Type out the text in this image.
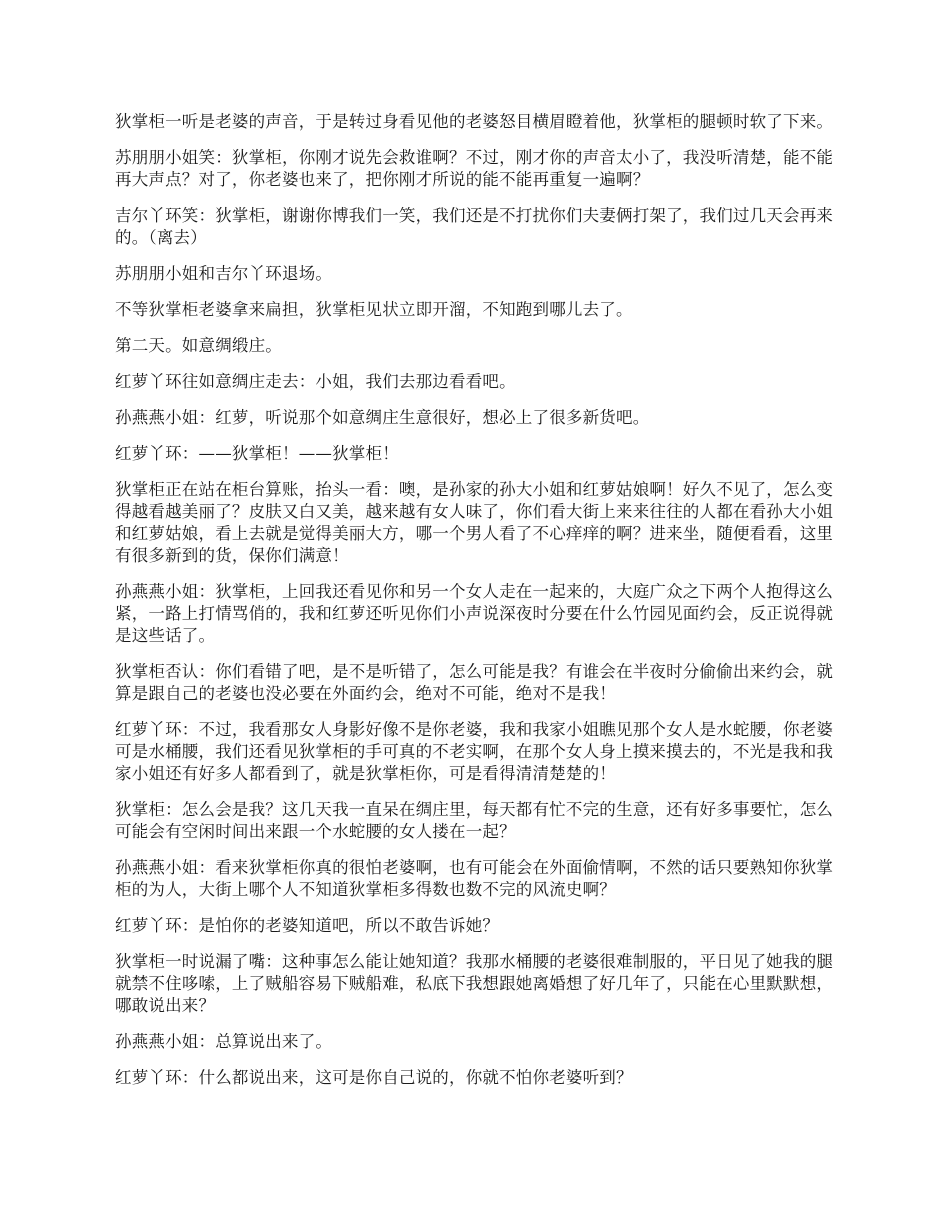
狄掌柜一听是老婆的声音，于是转过身看见他的老婆怒目横眉瞪着他，狄掌柜的腿顿时软了下来。

苏朋朋小姐笑：狄掌柜，你刚才说先会救谁啊？不过，刚才你的声音太小了，我没听清楚，能不能再大声点？对了，你老婆也来了，把你刚才所说的能不能再重复一遍啊？

吉尔丫环笑：狄掌柜，谢谢你博我们一笑，我们还是不打扰你们夫妻俩打架了，我们过几天会再来的。（离去）

苏朋朋小姐和吉尔丫环退场。

不等狄掌柜老婆拿来扁担，狄掌柜见状立即开溜，不知跑到哪儿去了。

第二天。如意绸缎庄。

红萝丫环往如意绸庄走去：小姐，我们去那边看看吧。

孙燕燕小姐：红萝，听说那个如意绸庄生意很好，想必上了很多新货吧。

红萝丫环：——狄掌柜！——狄掌柜！

狄掌柜正在站在柜台算账，抬头一看：噢，是孙家的孙大小姐和红萝姑娘啊！好久不见了，怎么变得越看越美丽了？皮肤又白又美，越来越有女人味了，你们看大街上来来往往的人都在看孙大小姐和红萝姑娘，看上去就是觉得美丽大方，哪一个男人看了不心痒痒的啊？进来坐，随便看看，这里有很多新到的货，保你们满意！

孙燕燕小姐：狄掌柜，上回我还看见你和另一个女人走在一起来的，大庭广众之下两个人抱得这么紧，一路上打情骂俏的，我和红萝还听见你们小声说深夜时分要在什么竹园见面约会，反正说得就是这些话了。

狄掌柜否认：你们看错了吧，是不是听错了，怎么可能是我？有谁会在半夜时分偷偷出来约会，就算是跟自己的老婆也没必要在外面约会，绝对不可能，绝对不是我！

红萝丫环：不过，我看那女人身影好像不是你老婆，我和我家小姐瞧见那个女人是水蛇腰，你老婆可是水桶腰，我们还看见狄掌柜的手可真的不老实啊，在那个女人身上摸来摸去的，不光是我和我家小姐还有好多人都看到了，就是狄掌柜你，可是看得清清楚楚的！

狄掌柜：怎么会是我？这几天我一直呆在绸庄里，每天都有忙不完的生意，还有好多事要忙，怎么可能会有空闲时间出来跟一个水蛇腰的女人搂在一起？

孙燕燕小姐：看来狄掌柜你真的很怕老婆啊，也有可能会在外面偷情啊，不然的话只要熟知你狄掌柜的为人，大街上哪个人不知道狄掌柜多得数也数不完的风流史啊？

红萝丫环：是怕你的老婆知道吧，所以不敢告诉她？

狄掌柜一时说漏了嘴：这种事怎么能让她知道？我那水桶腰的老婆很难制服的，平日见了她我的腿就禁不住哆嗦，上了贼船容易下贼船难，私底下我想跟她离婚想了好几年了，只能在心里默默想，哪敢说出来？

孙燕燕小姐：总算说出来了。

红萝丫环：什么都说出来，这可是你自己说的，你就不怕你老婆听到？
